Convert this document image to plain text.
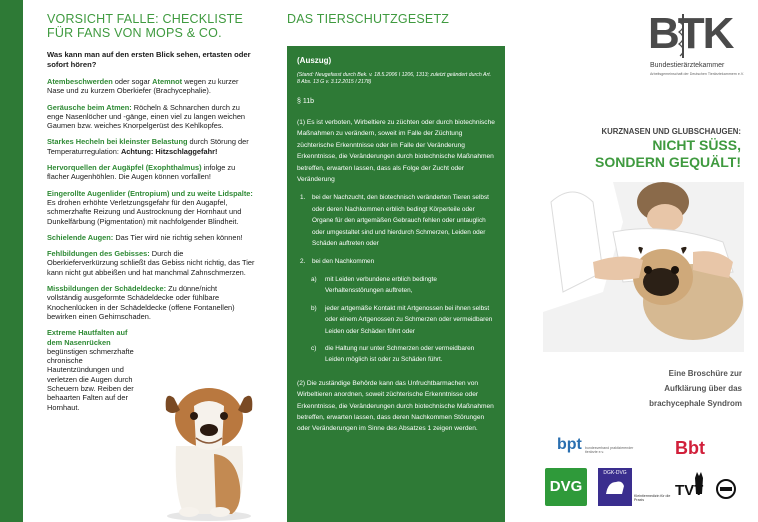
VORSICHT FALLE: CHECKLISTE
FÜR FANS VON MOPS & CO.
Was kann man auf den ersten Blick sehen, ertasten oder sofort hören?
Atembeschwerden oder sogar Atemnot wegen zu kurzer Nase und zu kurzem Oberkiefer (Brachycephalie).
Geräusche beim Atmen: Röcheln & Schnarchen durch zu enge Nasenlöcher und -gänge, einen viel zu langen weichen Gaumen bzw. weiches Knorpelgerüst des Kehlkopfes.
Starkes Hecheln bei kleinster Belastung durch Störung der Temperaturregulation: Achtung: Hitzschlaggefahr!
Hervorquellen der Augäpfel (Exophthalmus) infolge zu flacher Augenhöhlen. Die Augen können vorfallen!
Eingerollte Augenlider (Entropium) und zu weite Lidspalte: Es drohen erhöhte Verletzungsgefahr für den Augapfel, schmerzhafte Reizung und Austrocknung der Hornhaut und Dunkelfärbung (Pigmentation) mit nachfolgender Blindheit.
Schielende Augen: Das Tier wird nie richtig sehen können!
Fehlbildungen des Gebisses: Durch die Oberkieferverkürzung schließt das Gebiss nicht richtig, das Tier kann nicht gut abbeißen und hat manchmal Zahnschmerzen.
Missbildungen der Schädeldecke: Zu dünne/nicht vollständig ausgeformte Schädeldecke oder fühlbare Knochenlücken in der Schädeldecke (offene Fontanellen) bewirken einen Gehirnschaden.
Extreme Hautfalten auf dem Nasenrücken begünstigen schmerzhafte chronische Hautentzündungen und verletzen die Augen durch Scheuern bzw. Reiben der behaarten Falten auf der Hornhaut.
DAS TIERSCHUTZGESETZ
(Auszug)
(Stand: Neugefasst durch Bek. v. 18.5.2006 I 1206, 1313; zuletzt geändert durch Art. 8 Abs. 13 G v. 3.12.2015 I 2178)
§ 11b
(1) Es ist verboten, Wirbeltiere zu züchten oder durch biotechnische Maßnahmen zu verändern, soweit im Falle der Züchtung züchterische Erkenntnisse oder im Falle der Veränderung Erkenntnisse, die Veränderungen durch biotechnische Maßnahmen betreffen, erwarten lassen, dass als Folge der Zucht oder Veränderung
1.	bei der Nachzucht, den biotechnisch veränderten Tieren selbst oder deren Nachkommen erblich bedingt Körperteile oder Organe für den artgemäßen Gebrauch fehlen oder untauglich oder umgestaltet sind und hierdurch Schmerzen, Leiden oder Schäden auftreten oder
2.	bei den Nachkommen
a)	mit Leiden verbundene erblich bedingte Verhaltensstörungen auftreten,
b)	jeder artgemäße Kontakt mit Artgenossen bei ihnen selbst oder einem Artgenossen zu Schmerzen oder vermeidbaren Leiden oder Schäden führt oder
c)	die Haltung nur unter Schmerzen oder vermeidbaren Leiden möglich ist oder zu Schäden führt.
(2) Die zuständige Behörde kann das Unfruchtbarmachen von Wirbeltieren anordnen, soweit züchterische Erkenntnisse oder Erkenntnisse, die Veränderungen durch biotechnische Maßnahmen betreffen, erwarten lassen, dass deren Nachkommen Störungen oder Veränderungen im Sinne des Absatzes 1 zeigen werden.
BTK
Bundestierärztekammer
Arbeitsgemeinschaft der Deutschen Tierärztekammern e.V.
KURZNASEN UND GLUBSCHAUGEN:
NICHT SÜSS,
SONDERN GEQUÄLT!
Eine Broschüre zur
Aufklärung über das
brachycephale Syndrom
bpt bundesverband praktizierender tierärzte e.v.	Bbt
DVG
DGK-DVG
Kleintiermedizin für die Praxis
TVT
